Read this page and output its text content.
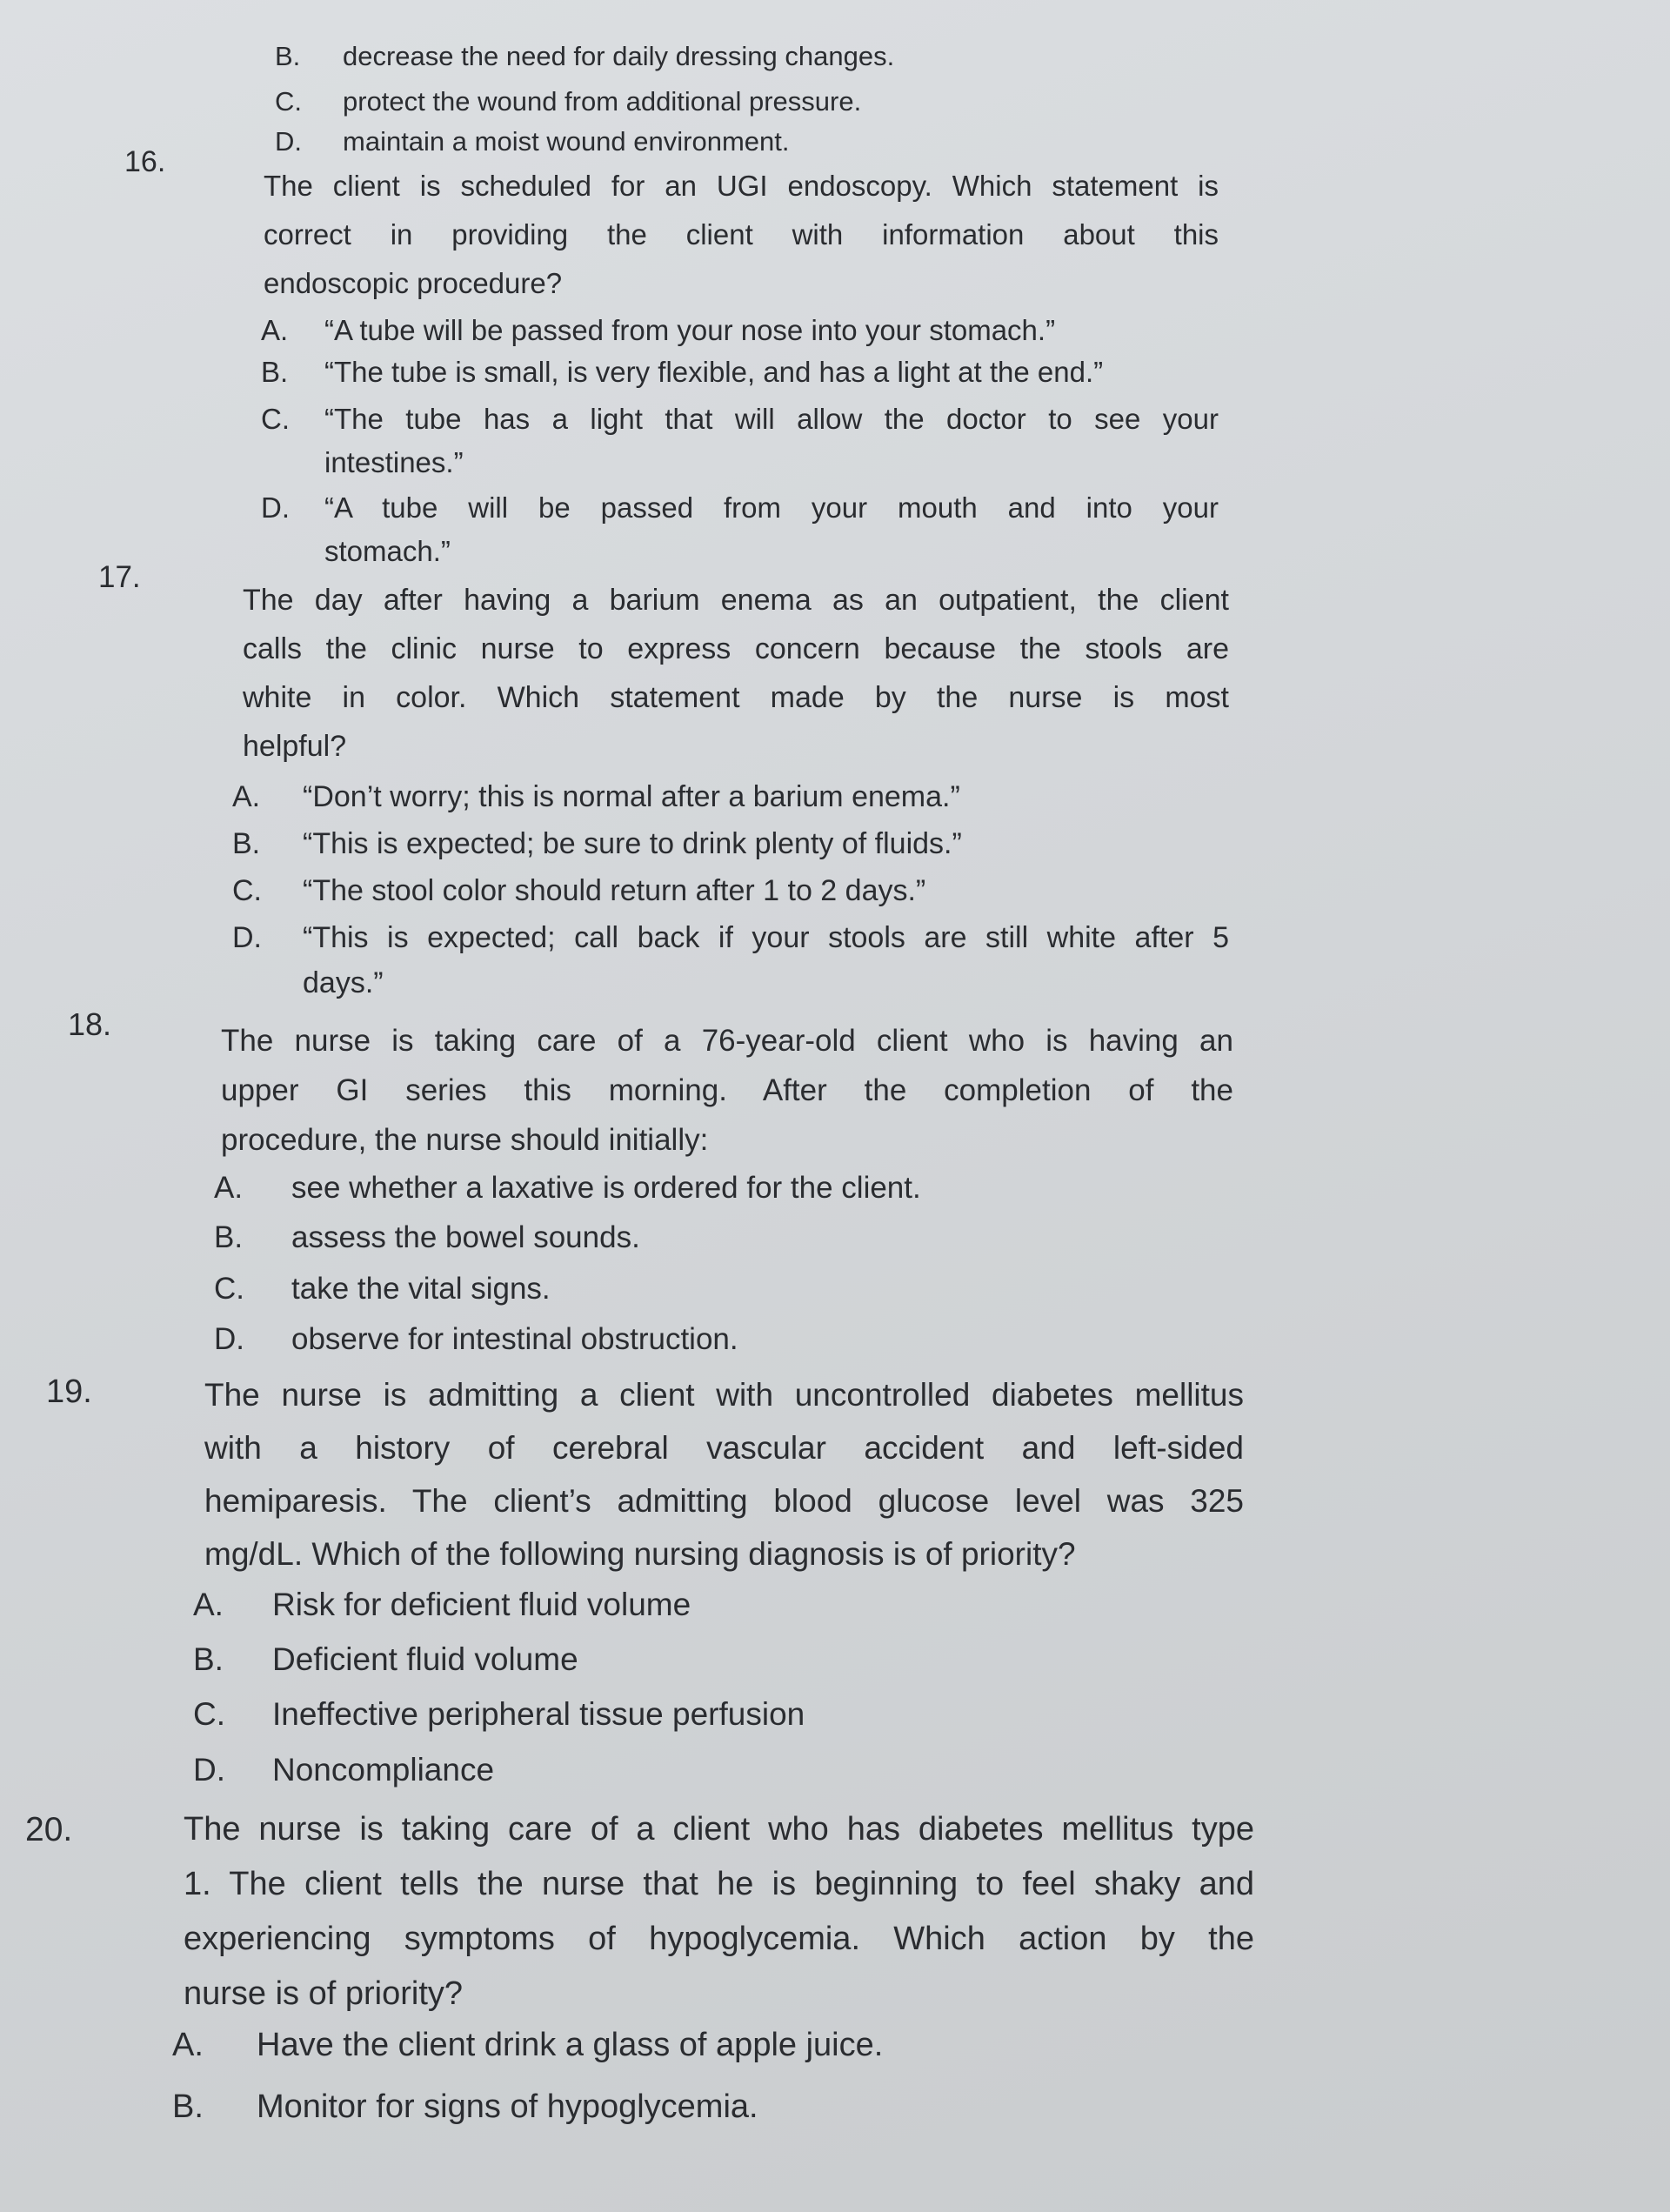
B. decrease the need for daily dressing changes.
C. protect the wound from additional pressure.
D. maintain a moist wound environment.
16.
The client is scheduled for an UGI endoscopy. Which statement is
correct in providing the client with information about this
endoscopic procedure?
A. “A tube will be passed from your nose into your stomach.”
B. “The tube is small, is very flexible, and has a light at the end.”
C. “The tube has a light that will allow the doctor to see your
intestines.”
D. “A tube will be passed from your mouth and into your
stomach.”
17.
The day after having a barium enema as an outpatient, the client
calls the clinic nurse to express concern because the stools are
white in color. Which statement made by the nurse is most
helpful?
A. “Don’t worry; this is normal after a barium enema.”
B. “This is expected; be sure to drink plenty of fluids.”
C. “The stool color should return after 1 to 2 days.”
D. “This is expected; call back if your stools are still white after 5
days.”
18.	The nurse is taking care of a 76-year-old client who is having an
upper GI series this morning. After the completion of the
procedure, the nurse should initially:
A. see whether a laxative is ordered for the client.
B. assess the bowel sounds.
C. take the vital signs.
D. observe for intestinal obstruction.
19.	The nurse is admitting a client with uncontrolled diabetes mellitus
with a history of cerebral vascular accident and left-sided
hemiparesis. The client’s admitting blood glucose level was 325
mg/dL. Which of the following nursing diagnosis is of priority?
A. Risk for deficient fluid volume
B. Deficient fluid volume
C. Ineffective peripheral tissue perfusion
D. Noncompliance
20.	The nurse is taking care of a client who has diabetes mellitus type
1. The client tells the nurse that he is beginning to feel shaky and
experiencing symptoms of hypoglycemia. Which action by the
nurse is of priority?
A. Have the client drink a glass of apple juice.
B. Monitor for signs of hypoglycemia.
